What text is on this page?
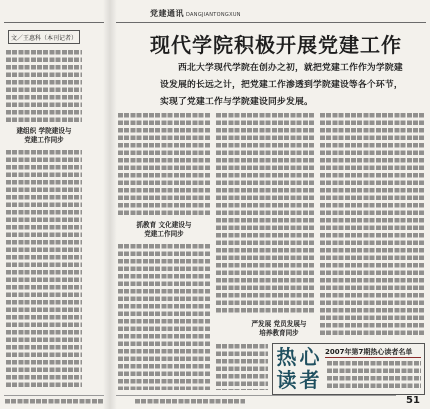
党建通讯 DANGJIANTONGXUN
文／王惠科（本刊记者）
建组织 学院建设与
党建工作同步
现代学院积极开展党建工作
西北大学现代学院在创办之初，就把党建工作作为学院建
设发展的长远之计，把党建工作渗透到学院建设等各个环节，
实现了党建工作与学院建设同步发展。
抓教育 文化建设与
党建工作同步
严发展 党员发展与
培养教育同步
热 心
读 者
2007年第7期热心读者名单
51
